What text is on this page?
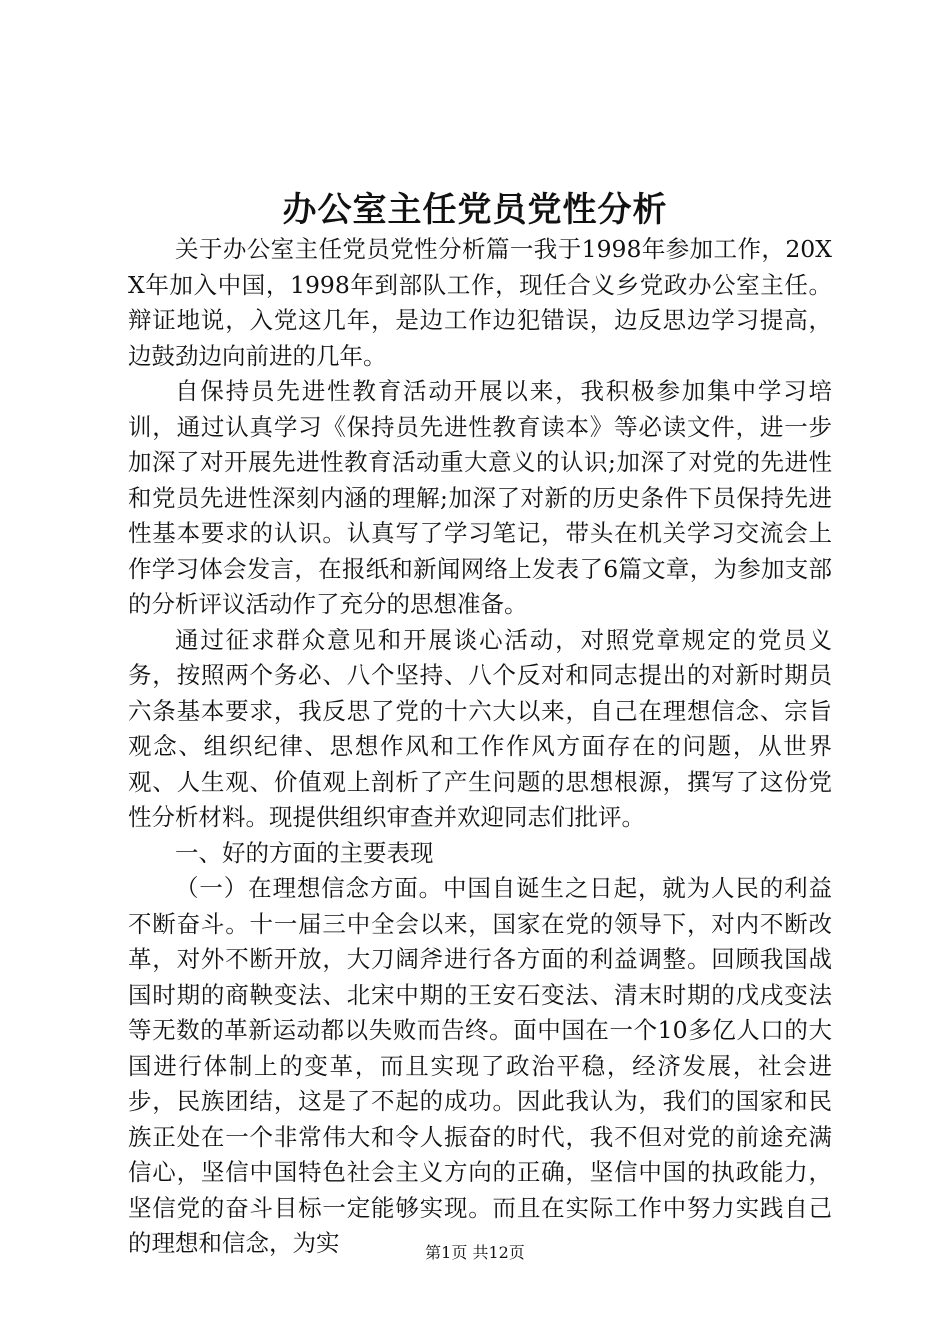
办公室主任党员党性分析

关于办公室主任党员党性分析篇一我于1998年参加工作，20XX年加入中国，1998年到部队工作，现任合义乡党政办公室主任。辩证地说，入党这几年，是边工作边犯错误，边反思边学习提高，边鼓劲边向前进的几年。

自保持员先进性教育活动开展以来，我积极参加集中学习培训，通过认真学习《保持员先进性教育读本》等必读文件，进一步加深了对开展先进性教育活动重大意义的认识;加深了对党的先进性和党员先进性深刻内涵的理解;加深了对新的历史条件下员保持先进性基本要求的认识。认真写了学习笔记，带头在机关学习交流会上作学习体会发言，在报纸和新闻网络上发表了6篇文章，为参加支部的分析评议活动作了充分的思想准备。

通过征求群众意见和开展谈心活动，对照党章规定的党员义务，按照两个务必、八个坚持、八个反对和同志提出的对新时期员六条基本要求，我反思了党的十六大以来，自己在理想信念、宗旨观念、组织纪律、思想作风和工作作风方面存在的问题，从世界观、人生观、价值观上剖析了产生问题的思想根源，撰写了这份党性分析材料。现提供组织审查并欢迎同志们批评。

一、好的方面的主要表现

（一）在理想信念方面。中国自诞生之日起，就为人民的利益不断奋斗。十一届三中全会以来，国家在党的领导下，对内不断改革，对外不断开放，大刀阔斧进行各方面的利益调整。回顾我国战国时期的商鞅变法、北宋中期的王安石变法、清末时期的戊戌变法等无数的革新运动都以失败而告终。面中国在一个10多亿人口的大国进行体制上的变革，而且实现了政治平稳，经济发展，社会进步，民族团结，这是了不起的成功。因此我认为，我们的国家和民族正处在一个非常伟大和令人振奋的时代，我不但对党的前途充满信心，坚信中国特色社会主义方向的正确，坚信中国的执政能力，坚信党的奋斗目标一定能够实现。而且在实际工作中努力实践自己的理想和信念，为实	第1页 共12页
